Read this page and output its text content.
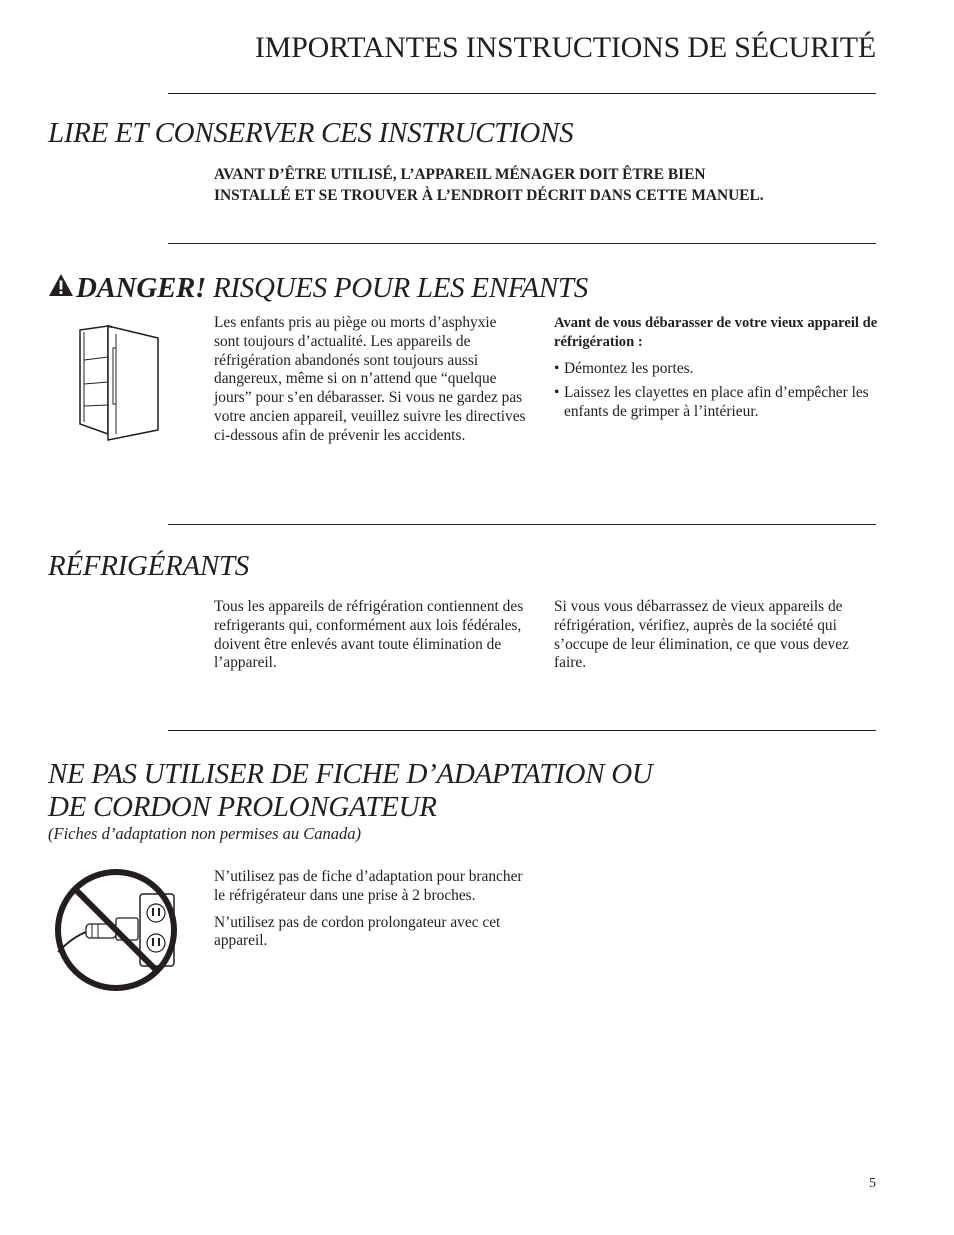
IMPORTANTES INSTRUCTIONS DE SÉCURITÉ
LIRE ET CONSERVER CES INSTRUCTIONS
AVANT D’ÊTRE UTILISÉ, L’APPAREIL MÉNAGER DOIT ÊTRE BIEN
INSTALLÉ ET SE TROUVER À L’ENDROIT DÉCRIT DANS CETTE MANUEL.
DANGER! RISQUES POUR LES ENFANTS
Les enfants pris au piège ou morts d’asphyxie sont toujours d’actualité. Les appareils de réfrigération abandonés sont toujours aussi dangereux, même si on n’attend que “quelque jours” pour s’en débarasser. Si vous ne gardez pas votre ancien appareil, veuillez suivre les directives ci-dessous afin de prévenir les accidents.
Avant de vous débarasser de votre vieux appareil de réfrigération :
• Démontez les portes.
• Laissez les clayettes en place afin d’empêcher les enfants de grimper à l’intérieur.
RÉFRIGÉRANTS
Tous les appareils de réfrigération contiennent des refrigerants qui, conformément aux lois fédérales, doivent être enlevés avant toute élimination de l’appareil.
Si vous vous débarrassez de vieux appareils de réfrigération, vérifiez, auprès de la société qui s’occupe de leur élimination, ce que vous devez faire.
NE PAS UTILISER DE FICHE D’ADAPTATION OU
DE CORDON PROLONGATEUR
(Fiches d’adaptation non permises au Canada)
N’utilisez pas de fiche d’adaptation pour brancher le réfrigérateur dans une prise à 2 broches.
N’utilisez pas de cordon prolongateur avec cet appareil.
5
